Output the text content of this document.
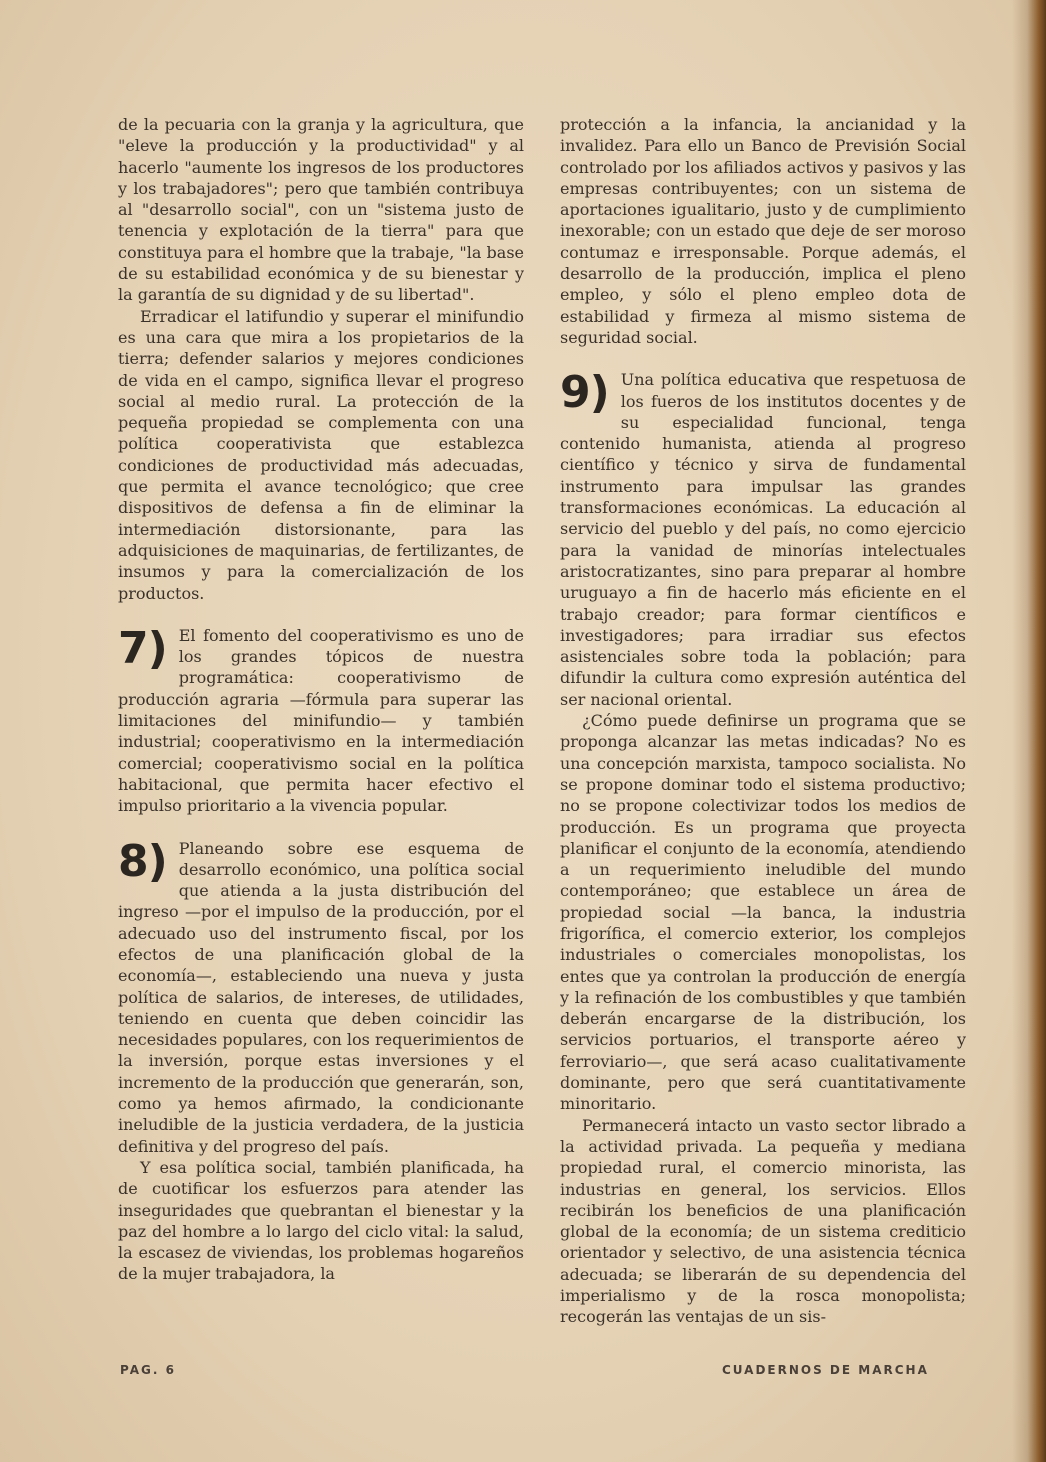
de la pecuaria con la granja y la agricultura, que "eleve la producción y la productividad" y al hacerlo "aumente los ingresos de los productores y los trabajadores"; pero que también contribuya al "desarrollo social", con un "sistema justo de tenencia y explotación de la tierra" para que constituya para el hombre que la trabaje, "la base de su estabilidad económica y de su bienestar y la garantía de su dignidad y de su libertad".

Erradicar el latifundio y superar el minifundio es una cara que mira a los propietarios de la tierra; defender salarios y mejores condiciones de vida en el campo, significa llevar el progreso social al medio rural. La protección de la pequeña propiedad se complementa con una política cooperativista que establezca condiciones de productividad más adecuadas, que permita el avance tecnológico; que cree dispositivos de defensa a fin de eliminar la intermediación distorsionante, para las adquisiciones de maquinarias, de fertilizantes, de insumos y para la comercialización de los productos.

7) El fomento del cooperativismo es uno de los grandes tópicos de nuestra programática: cooperativismo de producción agraria —fórmula para superar las limitaciones del minifundio— y también industrial; cooperativismo en la intermediación comercial; cooperativismo social en la política habitacional, que permita hacer efectivo el impulso prioritario a la vivencia popular.

8) Planeando sobre ese esquema de desarrollo económico, una política social que atienda a la justa distribución del ingreso —por el impulso de la producción, por el adecuado uso del instrumento fiscal, por los efectos de una planificación global de la economía—, estableciendo una nueva y justa política de salarios, de intereses, de utilidades, teniendo en cuenta que deben coincidir las necesidades populares, con los requerimientos de la inversión, porque estas inversiones y el incremento de la producción que generarán, son, como ya hemos afirmado, la condicionante ineludible de la justicia verdadera, de la justicia definitiva y del progreso del país.

Y esa política social, también planificada, ha de cuotificar los esfuerzos para atender las inseguridades que quebrantan el bienestar y la paz del hombre a lo largo del ciclo vital: la salud, la escasez de viviendas, los problemas hogareños de la mujer trabajadora, la

protección a la infancia, la ancianidad y la invalidez. Para ello un Banco de Previsión Social controlado por los afiliados activos y pasivos y las empresas contribuyentes; con un sistema de aportaciones igualitario, justo y de cumplimiento inexorable; con un estado que deje de ser moroso contumaz e irresponsable. Porque además, el desarrollo de la producción, implica el pleno empleo, y sólo el pleno empleo dota de estabilidad y firmeza al mismo sistema de seguridad social.

9) Una política educativa que respetuosa de los fueros de los institutos docentes y de su especialidad funcional, tenga contenido humanista, atienda al progreso científico y técnico y sirva de fundamental instrumento para impulsar las grandes transformaciones económicas. La educación al servicio del pueblo y del país, no como ejercicio para la vanidad de minorías intelectuales aristocratizantes, sino para preparar al hombre uruguayo a fin de hacerlo más eficiente en el trabajo creador; para formar científicos e investigadores; para irradiar sus efectos asistenciales sobre toda la población; para difundir la cultura como expresión auténtica del ser nacional oriental.

¿Cómo puede definirse un programa que se proponga alcanzar las metas indicadas? No es una concepción marxista, tampoco socialista. No se propone dominar todo el sistema productivo; no se propone colectivizar todos los medios de producción. Es un programa que proyecta planificar el conjunto de la economía, atendiendo a un requerimiento ineludible del mundo contemporáneo; que establece un área de propiedad social —la banca, la industria frigorífica, el comercio exterior, los complejos industriales o comerciales monopolistas, los entes que ya controlan la producción de energía y la refinación de los combustibles y que también deberán encargarse de la distribución, los servicios portuarios, el transporte aéreo y ferroviario—, que será acaso cualitativamente dominante, pero que será cuantitativamente minoritario.

Permanecerá intacto un vasto sector librado a la actividad privada. La pequeña y mediana propiedad rural, el comercio minorista, las industrias en general, los servicios. Ellos recibirán los beneficios de una planificación global de la economía; de un sistema crediticio orientador y selectivo, de una asistencia técnica adecuada; se liberarán de su dependencia del imperialismo y de la rosca monopolista; recogerán las ventajas de un sis-

PAG. 6	CUADERNOS DE MARCHA
